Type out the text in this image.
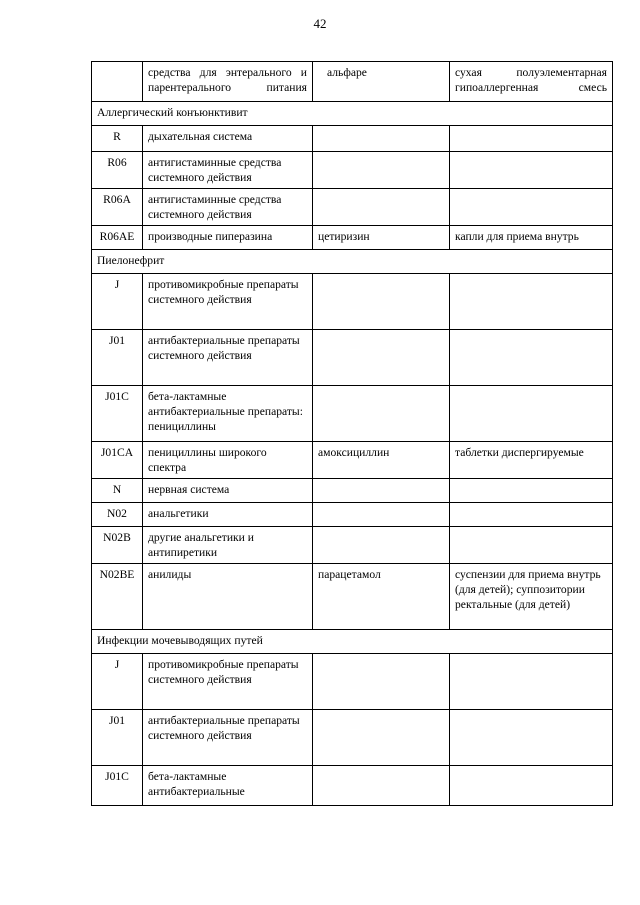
42
	средства для энтерального и парентерального питания	альфаре	сухая полуэлементарная гипоаллергенная смесь
Аллергический конъюнктивит			
R	дыхательная система		
R06	антигистаминные средства системного действия		
R06A	антигистаминные средства системного действия		
R06AE	производные пиперазина	цетиризин	капли для приема внутрь
Пиелонефрит			
J	противомикробные препараты системного действия		
J01	антибактериальные препараты системного действия		
J01C	бета-лактамные антибактериальные препараты: пенициллины		
J01CA	пенициллины широкого спектра	амоксициллин	таблетки диспергируемые
N	нервная система		
N02	анальгетики		
N02B	другие анальгетики и антипиретики		
N02BE	анилиды	парацетамол	суспензии для приема внутрь (для детей); суппозитории ректальные (для детей)
Инфекции мочевыводящих путей			
J	противомикробные препараты системного действия		
J01	антибактериальные препараты системного действия		
J01C	бета-лактамные антибактериальные		
